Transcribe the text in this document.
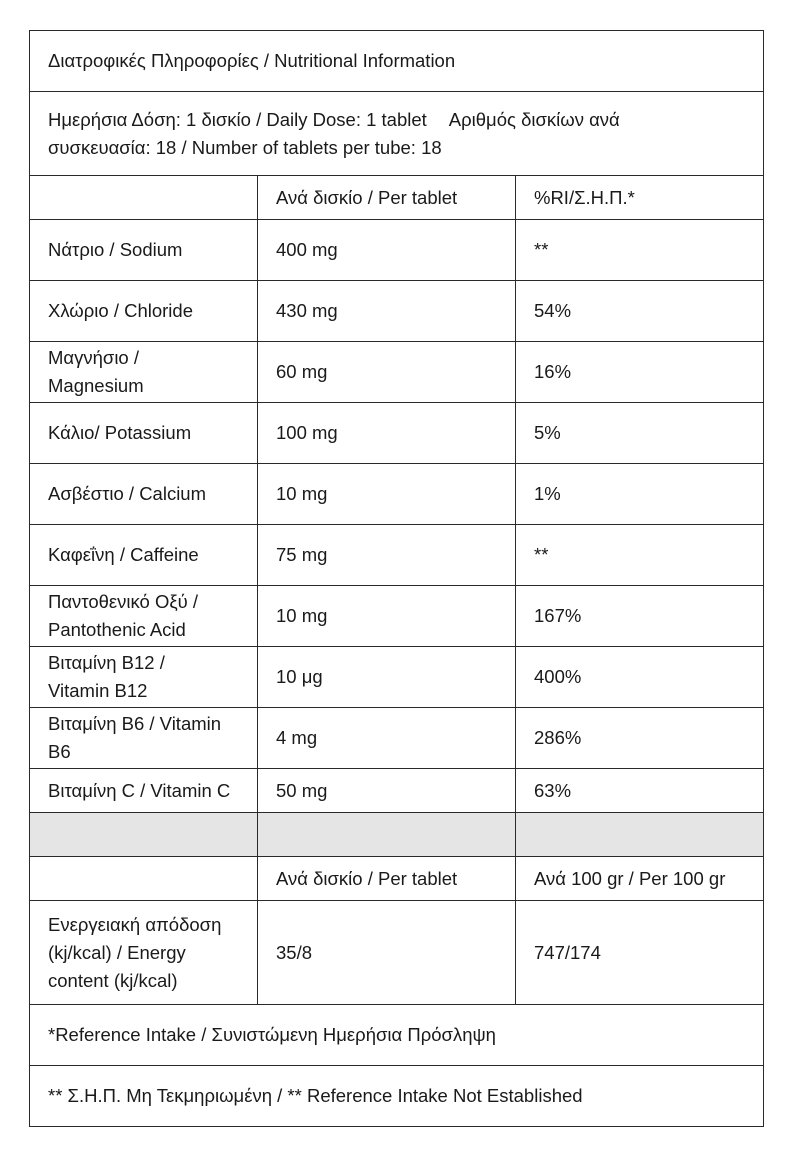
Διατροφικές Πληροφορίες / Nutritional Information		
Ημερήσια Δόση: 1 δισκίο / Daily Dose: 1 tablet Αριθμός δισκίων ανά
συσκευασία: 18 / Number of tablets per tube: 18		
	Ανά δισκίο / Per tablet	%RI/Σ.Η.Π.*
Νάτριο / Sodium	400 mg	**
Χλώριο / Chloride	430 mg	54%
Μαγνήσιο /
Magnesium	60 mg	16%
Κάλιο/ Potassium	100 mg	5%
Ασβέστιο / Calcium	10 mg	1%
Καφεΐνη / Caffeine	75 mg	**
Παντοθενικό Οξύ /
Pantothenic Acid	10 mg	167%
Βιταμίνη Β12 /
Vitamin B12	10 μg	400%
Βιταμίνη Β6 / Vitamin
B6	4 mg	286%
Βιταμίνη C / Vitamin C	50 mg	63%

	Ανά δισκίο / Per tablet	Ανά 100 gr / Per 100 gr
Ενεργειακή απόδοση
(kj/kcal) / Energy
content (kj/kcal)	35/8	747/174
*Reference Intake / Συνιστώμενη Ημερήσια Πρόσληψη		
** Σ.Η.Π. Μη Τεκμηριωμένη / ** Reference Intake Not Established		
